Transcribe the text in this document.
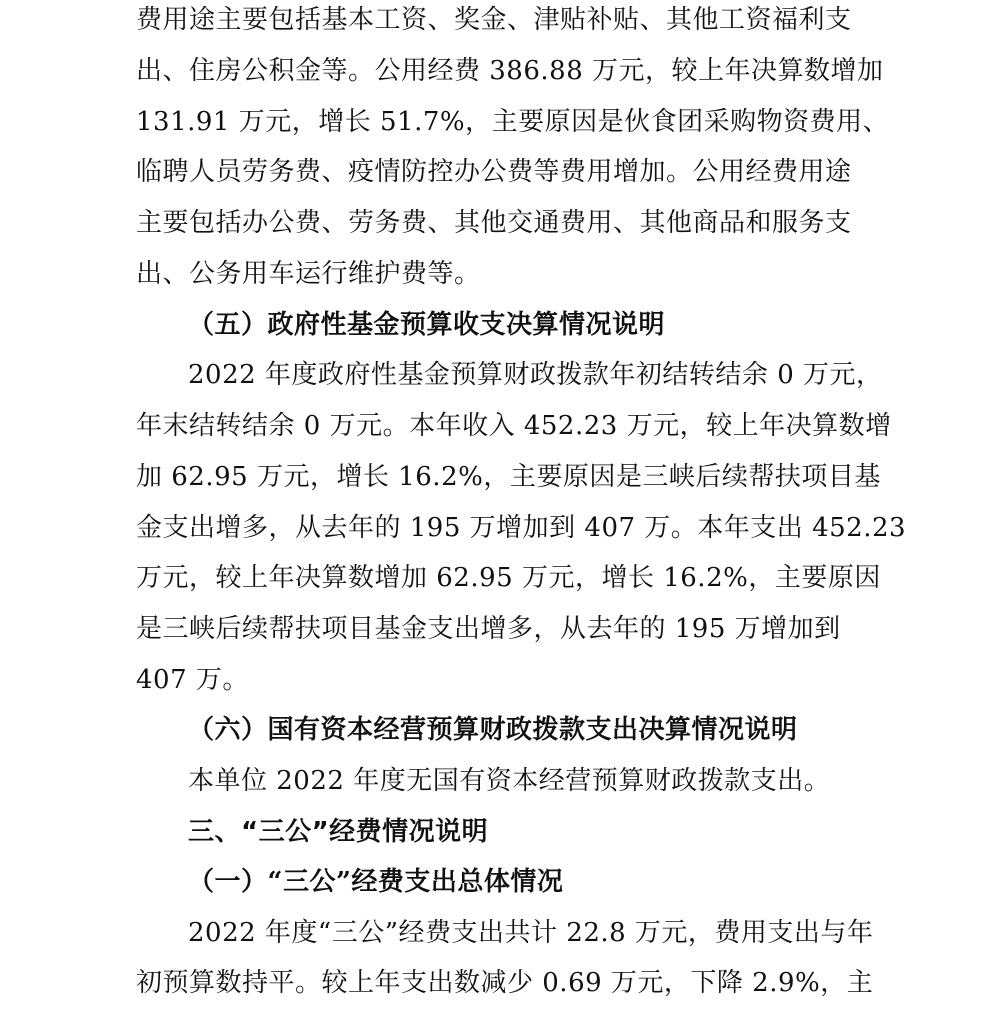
费用途主要包括基本工资、奖金、津贴补贴、其他工资福利支
出、住房公积金等。公用经费 386.88 万元，较上年决算数增加
131.91 万元，增长 51.7%，主要原因是伙食团采购物资费用、
临聘人员劳务费、疫情防控办公费等费用增加。公用经费用途
主要包括办公费、劳务费、其他交通费用、其他商品和服务支
出、公务用车运行维护费等。
（五）政府性基金预算收支决算情况说明
2022 年度政府性基金预算财政拨款年初结转结余 0 万元，
年末结转结余 0 万元。本年收入 452.23 万元，较上年决算数增
加 62.95 万元，增长 16.2%，主要原因是三峡后续帮扶项目基
金支出增多，从去年的 195 万增加到 407 万。本年支出 452.23
万元，较上年决算数增加 62.95 万元，增长 16.2%，主要原因
是三峡后续帮扶项目基金支出增多，从去年的 195 万增加到
407 万。
（六）国有资本经营预算财政拨款支出决算情况说明
本单位 2022 年度无国有资本经营预算财政拨款支出。
三、“三公”经费情况说明
（一）“三公”经费支出总体情况
2022 年度“三公”经费支出共计 22.8 万元，费用支出与年
初预算数持平。较上年支出数减少 0.69 万元，下降 2.9%，主
